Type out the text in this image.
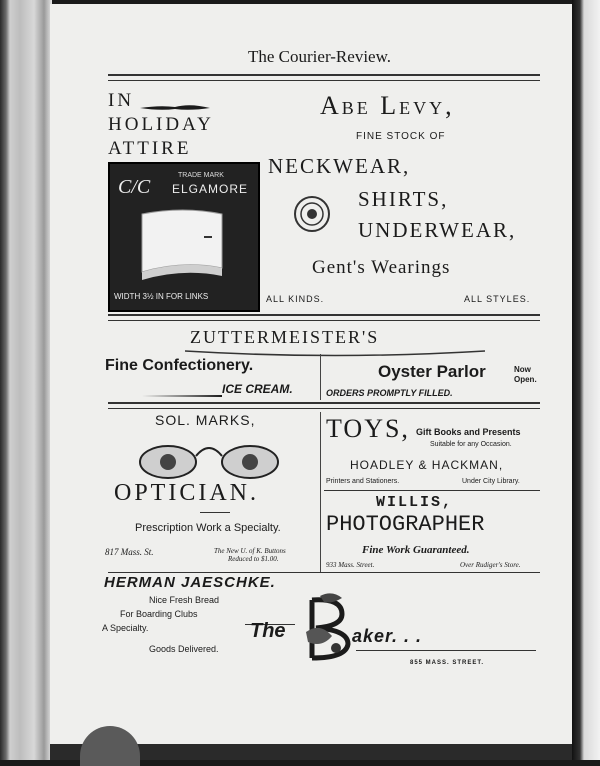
The Courier-Review.
IN
HOLIDAY
ATTIRE
TRADE MARK
C/C ELGAMORE
WIDTH 3½ IN FOR LINKS
Abe Levy,
FINE STOCK OF
NECKWEAR,
SHIRTS,
UNDERWEAR,
Gent's Wearings
ALL KINDS.	ALL STYLES.
ZUTTERMEISTER'S
Fine Confectionery.
ICE CREAM.
Oyster Parlor	Now
Open.
ORDERS PROMPTLY FILLED.
SOL. MARKS,
OPTICIAN.
Prescription Work a Specialty.
817 Mass. St.	The New U. of K. Buttons
Reduced to $1.00.
TOYS, Gift Books and Presents
Suitable for any Occasion.
HOADLEY & HACKMAN,
Printers and Stationers.	Under City Library.
WILLIS,
PHOTOGRAPHER
Fine Work Guaranteed.
933 Mass. Street.	Over Rudiger's Store.
HERMAN JAESCHKE.
Nice Fresh Bread
For Boarding Clubs
A Specialty.
Goods Delivered.
The	aker. . .
855 MASS. STREET.
